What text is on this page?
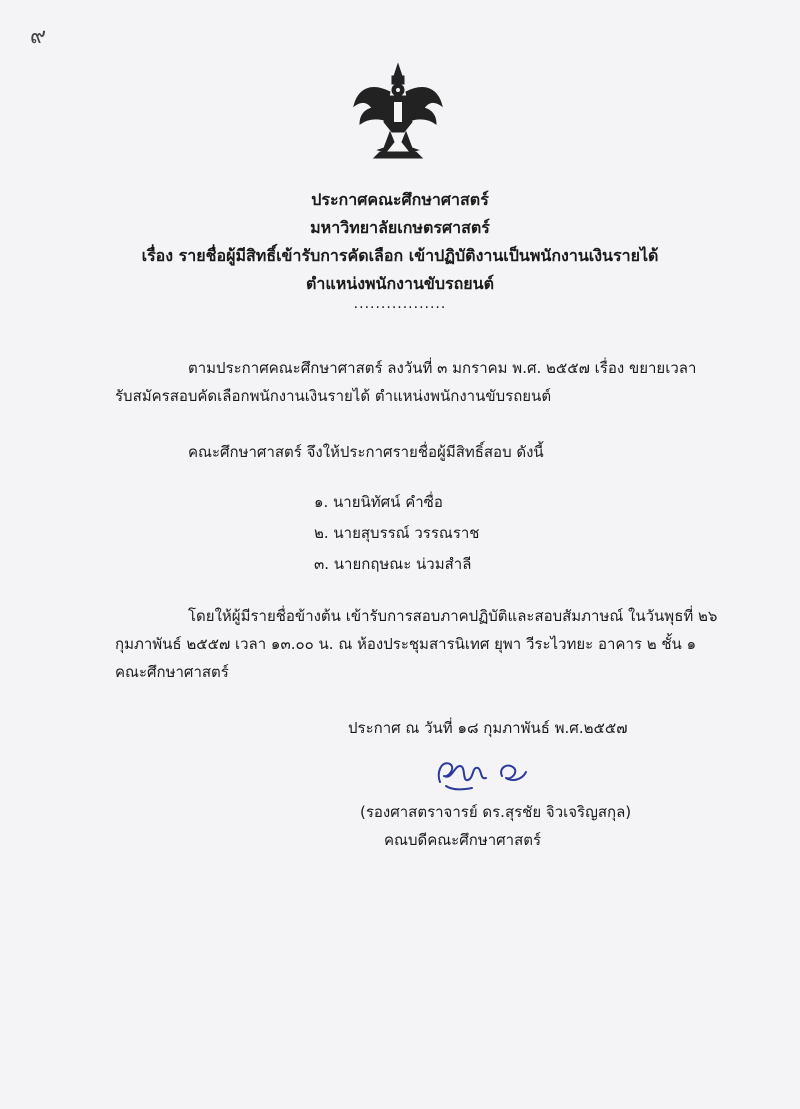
๙
ประกาศคณะศึกษาศาสตร์
มหาวิทยาลัยเกษตรศาสตร์
เรื่อง รายชื่อผู้มีสิทธิ์เข้ารับการคัดเลือก เข้าปฏิบัติงานเป็นพนักงานเงินรายได้
ตำแหน่งพนักงานขับรถยนต์
.................
ตามประกาศคณะศึกษาศาสตร์ ลงวันที่ ๓ มกราคม พ.ศ. ๒๕๕๗ เรื่อง ขยายเวลา
รับสมัครสอบคัดเลือกพนักงานเงินรายได้ ตำแหน่งพนักงานขับรถยนต์
คณะศึกษาศาสตร์ จึงให้ประกาศรายชื่อผู้มีสิทธิ์สอบ ดังนี้
๑. นายนิทัศน์ คำซื่อ
๒. นายสุบรรณ์ วรรณราช
๓. นายกฤษณะ น่วมสำลี
โดยให้ผู้มีรายชื่อข้างต้น เข้ารับการสอบภาคปฏิบัติและสอบสัมภาษณ์ ในวันพุธที่ ๒๖
กุมภาพันธ์ ๒๕๕๗ เวลา ๑๓.๐๐ น. ณ ห้องประชุมสารนิเทศ ยุพา วีระไวทยะ อาคาร ๒ ชั้น ๑
คณะศึกษาศาสตร์
ประกาศ ณ วันที่ ๑๘ กุมภาพันธ์ พ.ศ.๒๕๕๗
(รองศาสตราจารย์ ดร.สุรชัย จิวเจริญสกุล)
คณบดีคณะศึกษาศาสตร์
